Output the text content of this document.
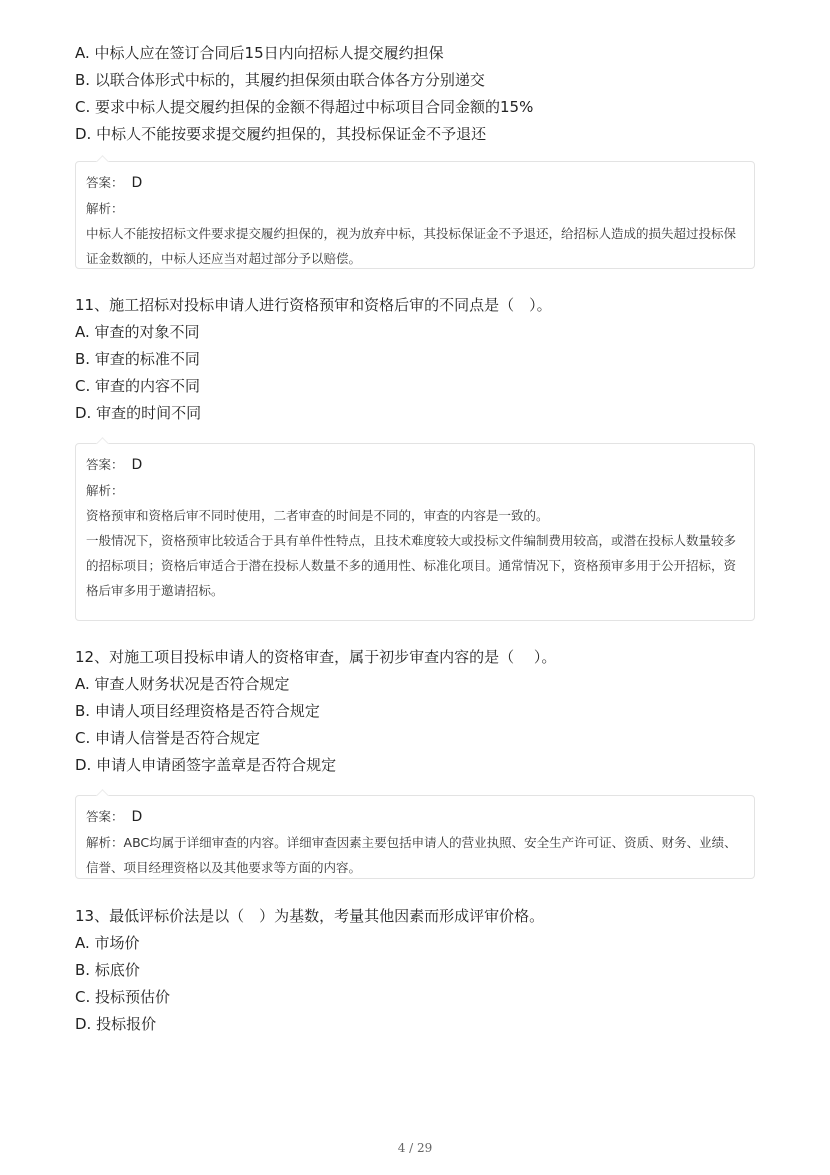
A. 中标人应在签订合同后15日内向招标人提交履约担保
B. 以联合体形式中标的，其履约担保须由联合体各方分别递交
C. 要求中标人提交履约担保的金额不得超过中标项目合同金额的15%
D. 中标人不能按要求提交履约担保的，其投标保证金不予退还
答案： D
解析：
中标人不能按招标文件要求提交履约担保的，视为放弃中标，其投标保证金不予退还，给招标人造成的损失超过投标保证金数额的，中标人还应当对超过部分予以赔偿。
11、施工招标对投标申请人进行资格预审和资格后审的不同点是（　）。
A. 审查的对象不同
B. 审查的标准不同
C. 审查的内容不同
D. 审查的时间不同
答案： D
解析：
资格预审和资格后审不同时使用，二者审查的时间是不同的，审查的内容是一致的。
一般情况下，资格预审比较适合于具有单件性特点，且技术难度较大或投标文件编制费用较高，或潜在投标人数量较多的招标项目；资格后审适合于潜在投标人数量不多的通用性、标准化项目。通常情况下，资格预审多用于公开招标，资格后审多用于邀请招标。
12、对施工项目投标申请人的资格审查，属于初步审查内容的是（　 ）。
A. 审查人财务状况是否符合规定
B. 申请人项目经理资格是否符合规定
C. 申请人信誉是否符合规定
D. 申请人申请函签字盖章是否符合规定
答案： D
解析：ABC均属于详细审查的内容。详细审查因素主要包括申请人的营业执照、安全生产许可证、资质、财务、业绩、信誉、项目经理资格以及其他要求等方面的内容。
13、最低评标价法是以（　）为基数，考量其他因素而形成评审价格。
A. 市场价
B. 标底价
C. 投标预估价
D. 投标报价
4 / 29
